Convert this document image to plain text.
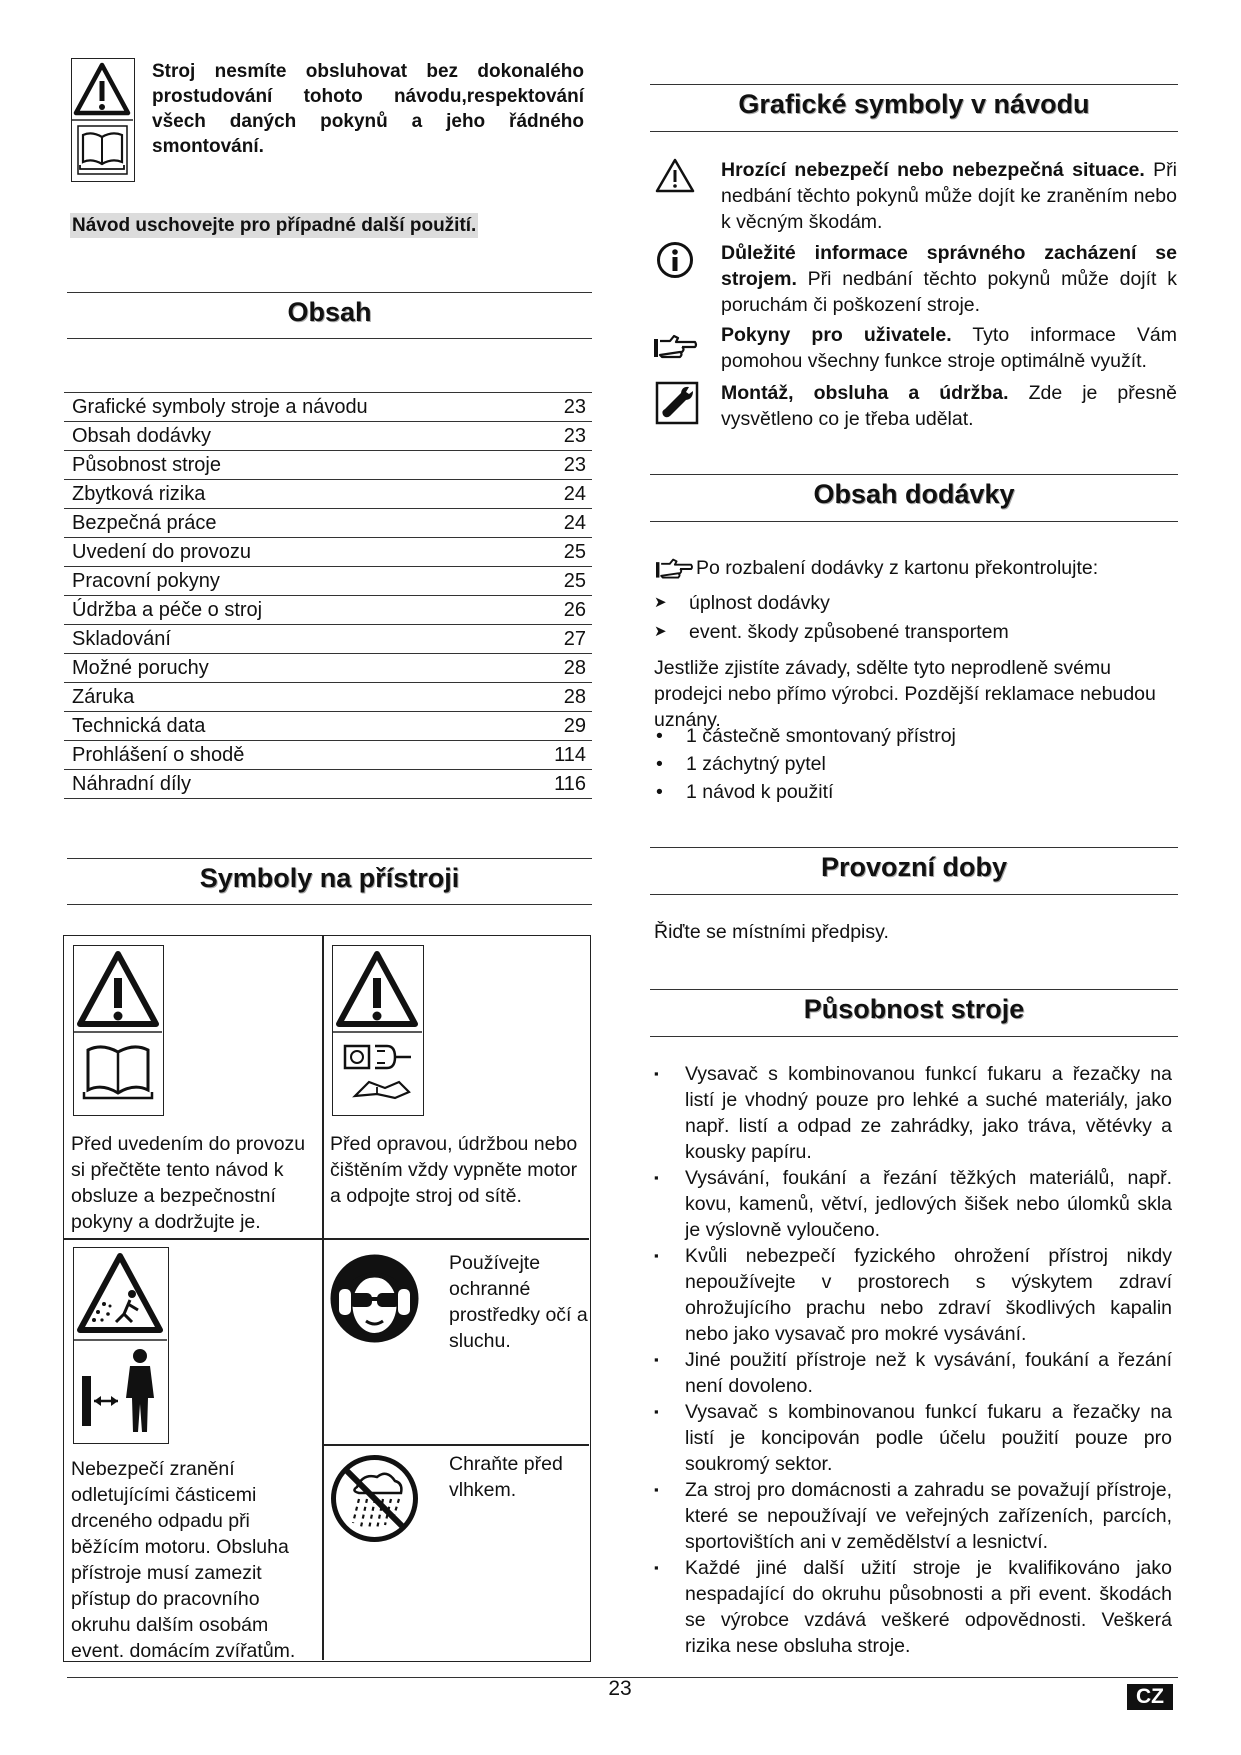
Stroj nesmíte obsluhovat bez dokonalého prostudování tohoto návodu,respektování všech daných pokynů a jeho řádného smontování.
Návod uschovejte pro případné další použití.
Obsah
Grafické symboly stroje a návodu	23
Obsah dodávky	23
Působnost stroje	23
Zbytková rizika	24
Bezpečná práce	24
Uvedení do provozu	25
Pracovní pokyny	25
Údržba a péče o stroj	26
Skladování	27
Možné poruchy	28
Záruka	28
Technická data	29
Prohlášení o shodě	114
Náhradní díly	116
Symboly na přístroji
Před uvedením do provozu si přečtěte tento návod k obsluze a bezpečnostní pokyny a dodržujte je.
Před opravou, údržbou nebo čištěním vždy vypněte motor a odpojte stroj od sítě.
Nebezpečí zranění odletujícími částicemi drceného odpadu při běžícím motoru. Obsluha přístroje musí zamezit přístup do pracovního okruhu dalším osobám event. domácím zvířatům.
Používejte ochranné prostředky očí a sluchu.
Chraňte před vlhkem.
Grafické symboly v návodu
Hrozící nebezpečí nebo nebezpečná situace. Při nedbání těchto pokynů může dojít ke zraněním nebo k věcným škodám.
Důležité informace správného zacházení se strojem. Při nedbání těchto pokynů může dojít k poruchám či poškození stroje.
Pokyny pro uživatele. Tyto informace Vám pomohou všechny funkce stroje optimálně využít.
Montáž, obsluha a údržba. Zde je přesně vysvětleno co je třeba udělat.
Obsah dodávky
Po rozbalení dodávky z kartonu překontrolujte:
➤	úplnost dodávky
➤	event. škody způsobené transportem
Jestliže zjistíte závady, sdělte tyto neprodleně svému prodejci nebo přímo výrobci. Pozdější reklamace nebudou uznány.
•	1 částečně smontovaný přístroj
•	1 záchytný pytel
•	1 návod k použití
Provozní doby
Řiďte se místními předpisy.
Působnost stroje
▪	Vysavač s kombinovanou funkcí fukaru a řezačky na listí je vhodný pouze pro lehké a suché materiály, jako např. listí a odpad ze zahrádky, jako tráva, větévky a kousky papíru.
▪	Vysávání, foukání a řezání těžkých materiálů, např. kovu, kamenů, větví, jedlových šišek nebo úlomků skla je výslovně vyloučeno.
▪	Kvůli nebezpečí fyzického ohrožení přístroj nikdy nepoužívejte v prostorech s výskytem zdraví ohrožujícího prachu nebo zdraví škodlivých kapalin nebo jako vysavač pro mokré vysávání.
▪	Jiné použití přístroje než k vysávání, foukání a řezání není dovoleno.
▪	Vysavač s kombinovanou funkcí fukaru a řezačky na listí je koncipován podle účelu použití pouze pro soukromý sektor.
▪	Za stroj pro domácnosti a zahradu se považují přístroje, které se nepoužívají ve veřejných zařízeních, parcích, sportovištích ani v zemědělství a lesnictví.
▪	Každé jiné další užití stroje je kvalifikováno jako nespadající do okruhu působnosti a při event. škodách se výrobce vzdává veškeré odpovědnosti. Veškerá rizika nese obsluha stroje.
23	CZ
